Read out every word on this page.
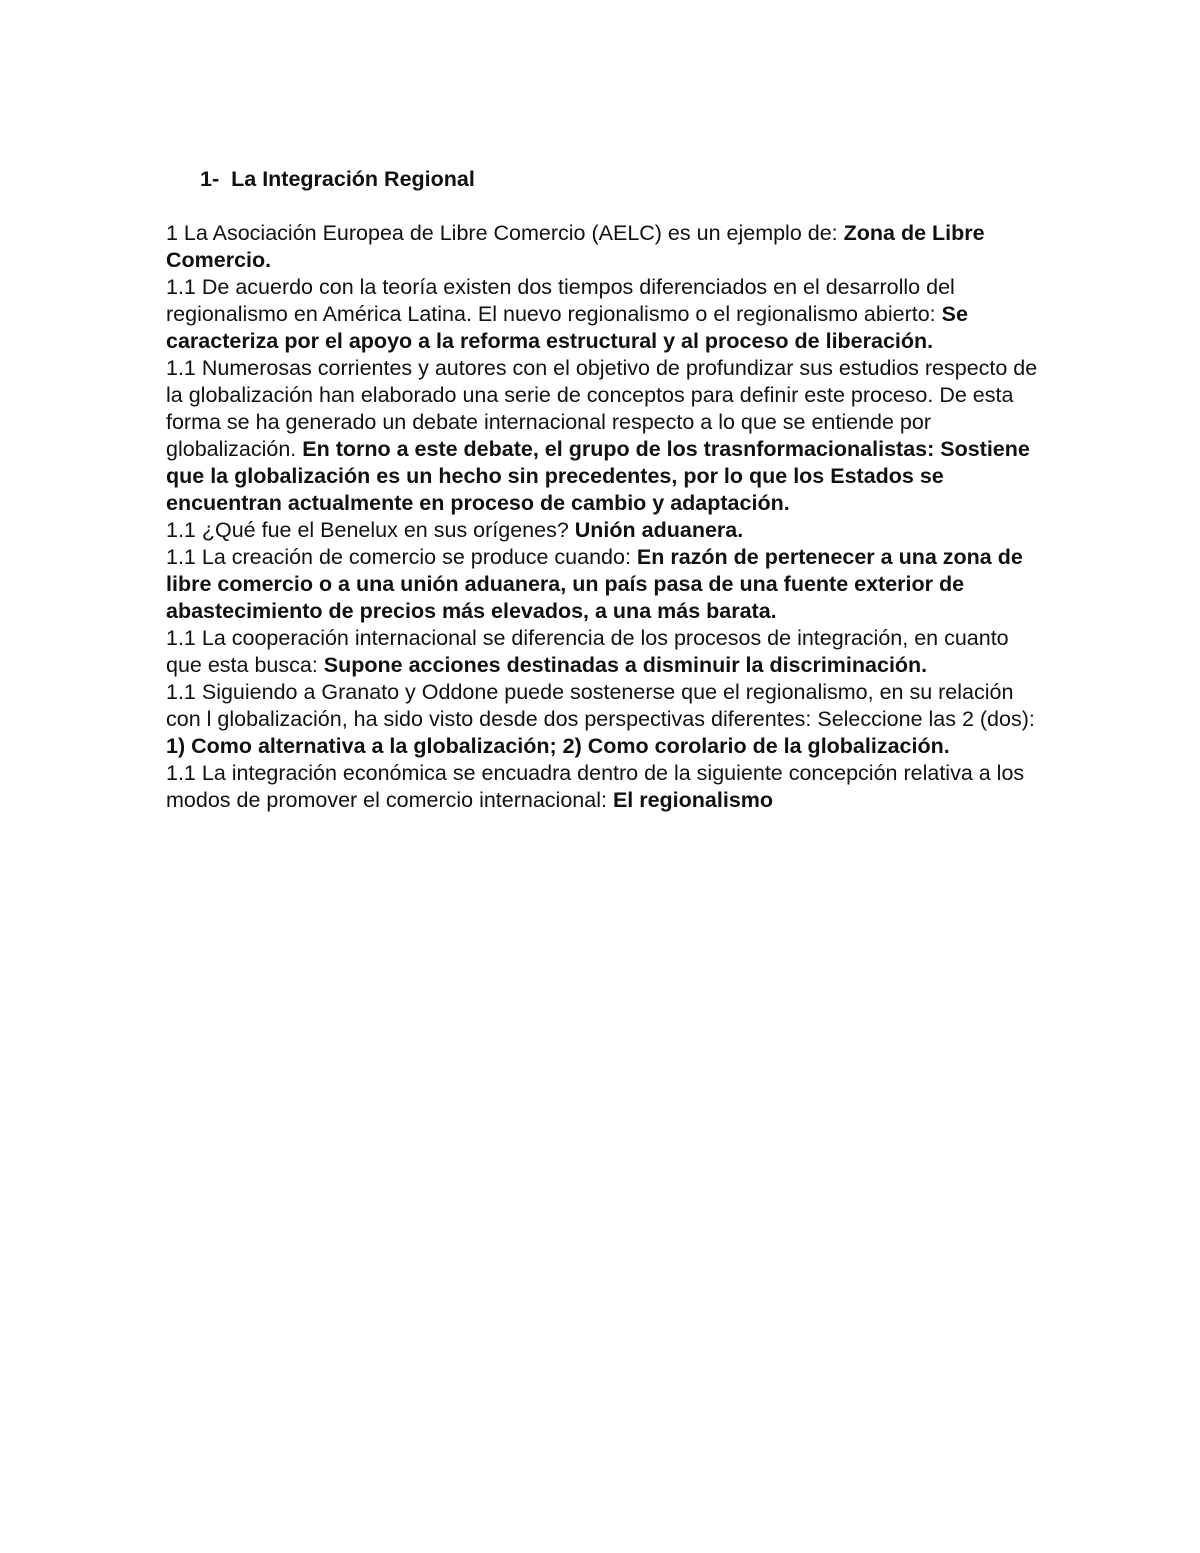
1- La Integración Regional

1 La Asociación Europea de Libre Comercio (AELC) es un ejemplo de: Zona de Libre Comercio.

1.1 De acuerdo con la teoría existen dos tiempos diferenciados en el desarrollo del regionalismo en América Latina. El nuevo regionalismo o el regionalismo abierto: Se caracteriza por el apoyo a la reforma estructural y al proceso de liberación.

1.1 Numerosas corrientes y autores con el objetivo de profundizar sus estudios respecto de la globalización han elaborado una serie de conceptos para definir este proceso. De esta forma se ha generado un debate internacional respecto a lo que se entiende por globalización. En torno a este debate, el grupo de los trasnformacionalistas: Sostiene que la globalización es un hecho sin precedentes, por lo que los Estados se encuentran actualmente en proceso de cambio y adaptación.

1.1 ¿Qué fue el Benelux en sus orígenes? Unión aduanera.

1.1 La creación de comercio se produce cuando: En razón de pertenecer a una zona de libre comercio o a una unión aduanera, un país pasa de una fuente exterior de abastecimiento de precios más elevados, a una más barata.

1.1 La cooperación internacional se diferencia de los procesos de integración, en cuanto que esta busca: Supone acciones destinadas a disminuir la discriminación.

1.1 Siguiendo a Granato y Oddone puede sostenerse que el regionalismo, en su relación con l globalización, ha sido visto desde dos perspectivas diferentes: Seleccione las 2 (dos): 1) Como alternativa a la globalización; 2) Como corolario de la globalización.

1.1 La integración económica se encuadra dentro de la siguiente concepción relativa a los modos de promover el comercio internacional: El regionalismo
